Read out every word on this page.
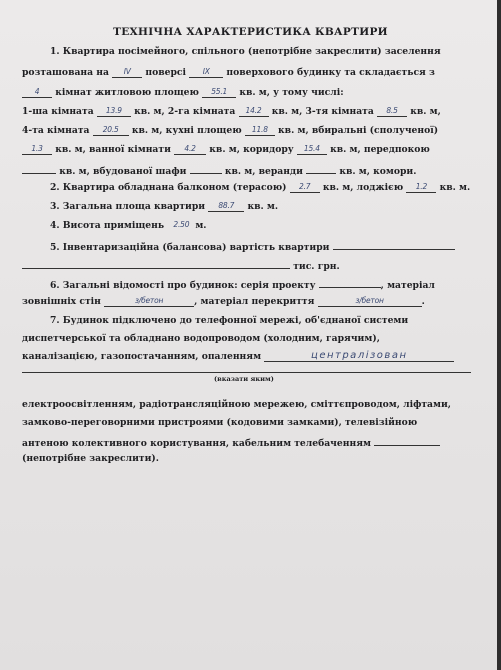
ТЕХНІЧНА ХАРАКТЕРИСТИКА КВАРТИРИ
1. Квартира посімейного, спільного (непотрібне закреслити) заселення
розташована на IV поверсі IX поверхового будинку та складається з
4 кімнат житловою площею 55.1 кв. м, у тому числі:
1-ша кімната 13.9 кв. м, 2-га кімната 14.2 кв. м, 3-тя кімната 8.5 кв. м,
4-та кімната 20.5 кв. м, кухні площею 11.8 кв. м, вбиральні (сполученої)
1.3 кв. м, ванної кімнати 4.2 кв. м, коридору 15.4 кв. м, передпокою
кв. м, вбудованої шафи	кв. м, веранди	кв. м, комори.
2. Квартира обладнана балконом (терасою) 2.7 кв. м, лоджією 1.2 кв. м.
3. Загальна площа квартири 88.7 кв. м.
4. Висота приміщень 2.50 м.
5. Інвентаризаційна (балансова) вартість квартири
тис. грн.
6. Загальні відомості про будинок: серія проекту	, матеріал
зовнішніх стін	з/бетон	, матеріал перекриття	з/бетон	.
7. Будинок підключено до телефонної мережі, об'єднаної системи
диспетчерської та обладнано водопроводом (холодним, гарячим),
каналізацією, газопостачанням, опаленням	централізован
(вказати яким)
електроосвітленням, радіотрансляційною мережею, сміттєпроводом, ліфтами,
замково-переговорними пристроями (кодовими замками), телевізійною
антеною колективного користування, кабельним телебаченням
(непотрібне закреслити).
